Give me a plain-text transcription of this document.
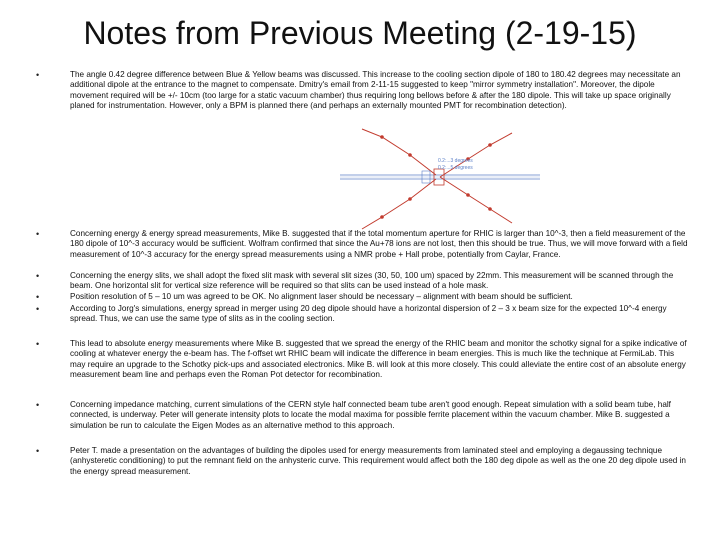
Notes from Previous Meeting (2-19-15)
•	The angle 0.42 degree difference between Blue & Yellow beams was discussed. This increase to the cooling section dipole of 180 to 180.42 degrees may necessitate an additional dipole at the entrance to the magnet to compensate. Dmitry's email from 2-11-15 suggested to keep "mirror symmetry installation". Moreover, the dipole movement required will be +/- 10cm (too large for a static vacuum chamber) thus requiring long bellows before & after the 180 dipole. This will take up space originally planed for instrumentation. However, only a BPM is planned there (and perhaps an externally mounted PMT for recombination detection).
•	Concerning energy & energy spread measurements, Mike B. suggested that if the total momentum aperture for RHIC is larger than 10^-3, then a field measurement of the 180 dipole of 10^-3 accuracy would be sufficient. Wolfram confirmed that since the Au+78 ions are not lost, then this should be true. Thus, we will move forward with a field measurement of 10^-3 accuracy for the energy spread measurements using a NMR probe + Hall probe, potentially from Caylar, France.
•	Concerning the energy slits, we shall adopt the fixed slit mask with several slit sizes (30, 50, 100 um) spaced by 22mm. This measurement will be scanned through the beam. One horizontal slit for vertical size reference will be required so that slits can be used instead of a hole mask.
•	Position resolution of 5 – 10 um was agreed to be OK. No alignment laser should be necessary – alignment with beam should be sufficient.
•	According to Jorg's simulations, energy spread in merger using 20 deg dipole should have a horizontal dispersion of 2 – 3 x beam size for the expected 10^-4 energy spread. Thus, we can use the same type of slits as in the cooling section.
•	This lead to absolute energy measurements where Mike B. suggested that we spread the energy of the RHIC beam and monitor the schotky signal for a spike indicative of cooling at whatever energy the e-beam has. The f-offset wrt RHIC beam will indicate the difference in beam energies. This is much like the technique at FermiLab. This may require an upgrade to the Schotky pick-ups and associated electronics. Mike B. will look at this more closely. This could alleviate the entire cost of an absolute energy measurement beam line and perhaps even the Roman Pot detector for recombination.
•	Concerning impedance matching, current simulations of the CERN style half connected beam tube aren't good enough. Repeat simulation with a solid beam tube, half connected, is underway. Peter will generate intensity plots to locate the modal maxima for possible ferrite placement within the vacuum chamber. Mike B. suggested a simulation be run to calculate the Eigen Modes as an alternative method to this approach.
•	Peter T. made a presentation on the advantages of building the dipoles used for energy measurements from laminated steel and employing a degaussing technique (anhysteretic conditioning) to put the remnant field on the anhysteric curve. This requirement would affect both the 180 deg dipole as well as the one 20 deg dipole used in the energy spread measurement.
0.2:...3 degrees
0.2:...5 degrees
